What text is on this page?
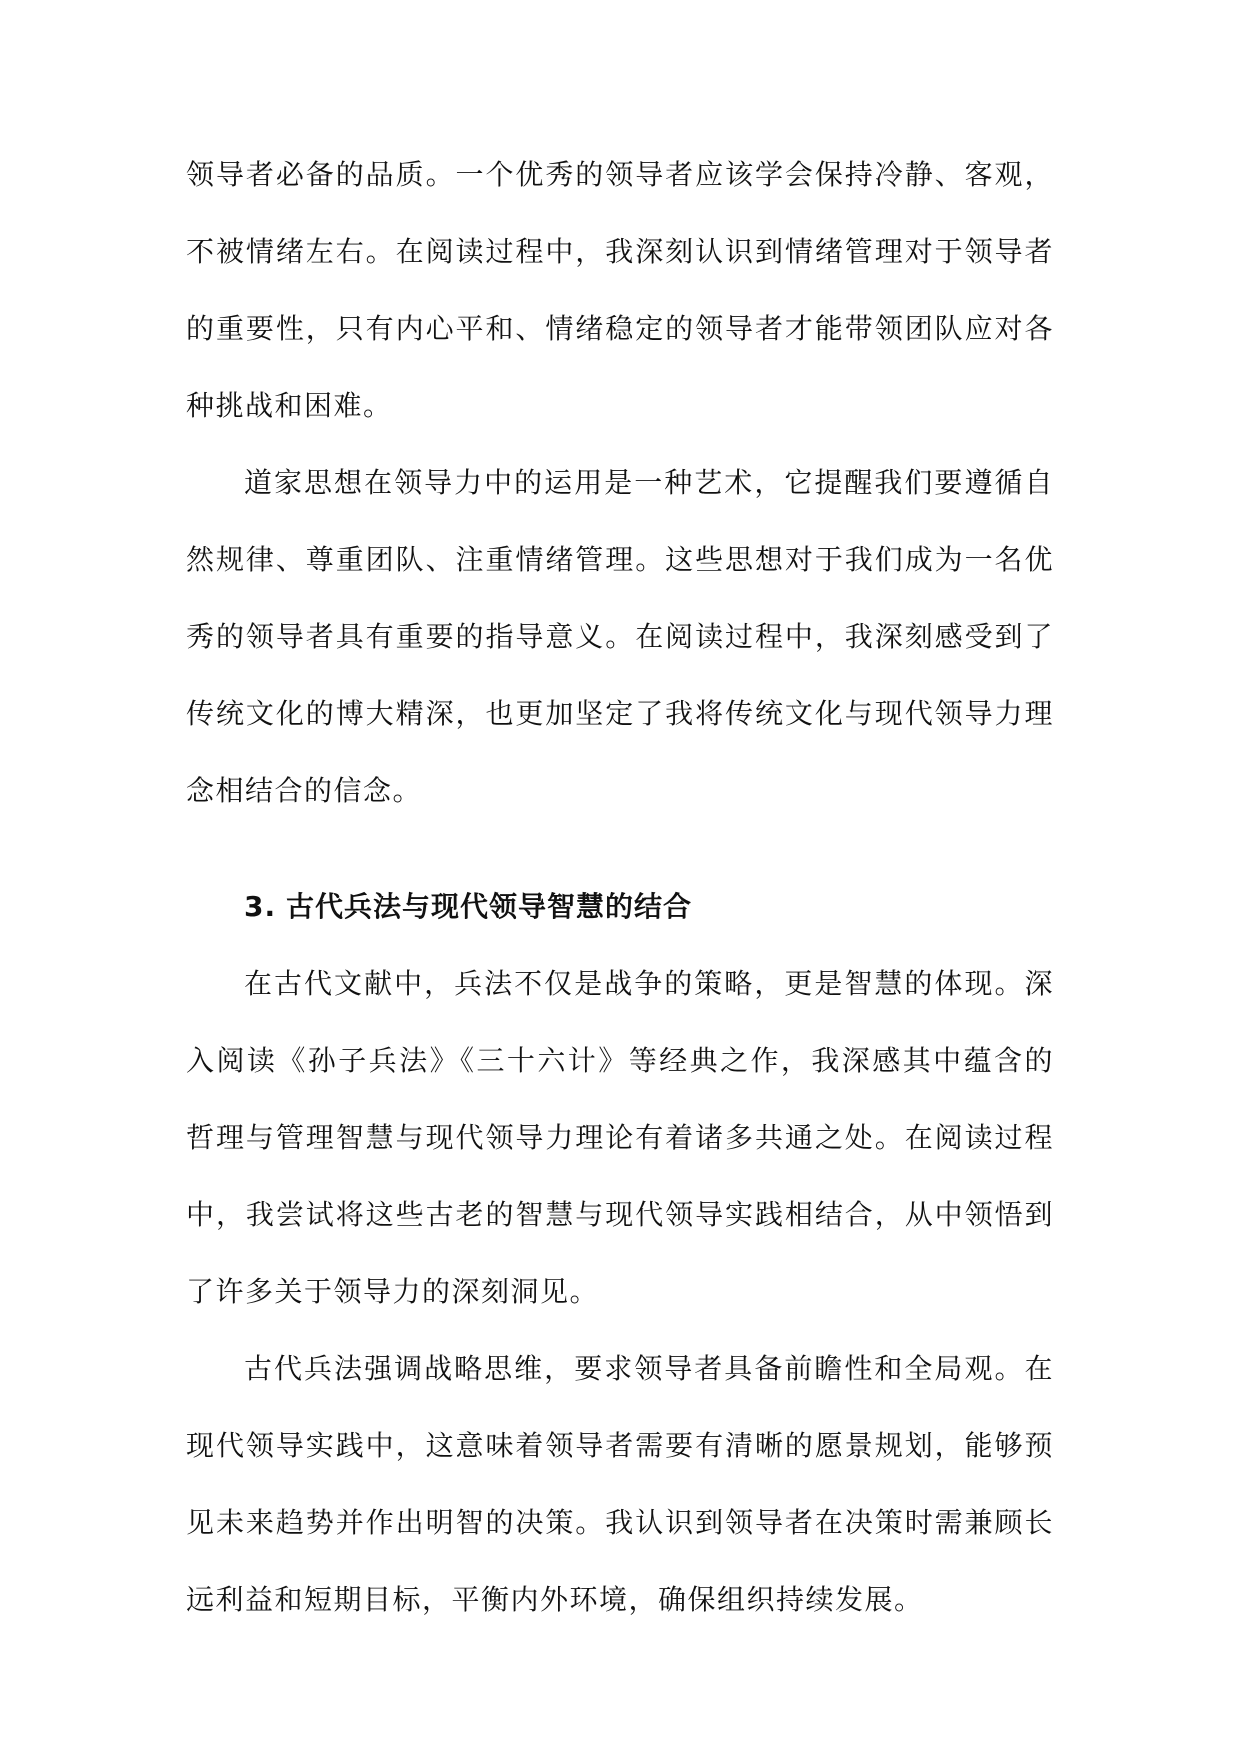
领导者必备的品质。一个优秀的领导者应该学会保持冷静、客观，不被情绪左右。在阅读过程中，我深刻认识到情绪管理对于领导者的重要性，只有内心平和、情绪稳定的领导者才能带领团队应对各种挑战和困难。

道家思想在领导力中的运用是一种艺术，它提醒我们要遵循自然规律、尊重团队、注重情绪管理。这些思想对于我们成为一名优秀的领导者具有重要的指导意义。在阅读过程中，我深刻感受到了传统文化的博大精深，也更加坚定了我将传统文化与现代领导力理念相结合的信念。

3. 古代兵法与现代领导智慧的结合

在古代文献中，兵法不仅是战争的策略，更是智慧的体现。深入阅读《孙子兵法》《三十六计》等经典之作，我深感其中蕴含的哲理与管理智慧与现代领导力理论有着诸多共通之处。在阅读过程中，我尝试将这些古老的智慧与现代领导实践相结合，从中领悟到了许多关于领导力的深刻洞见。

古代兵法强调战略思维，要求领导者具备前瞻性和全局观。在现代领导实践中，这意味着领导者需要有清晰的愿景规划，能够预见未来趋势并作出明智的决策。我认识到领导者在决策时需兼顾长远利益和短期目标，平衡内外环境，确保组织持续发展。
